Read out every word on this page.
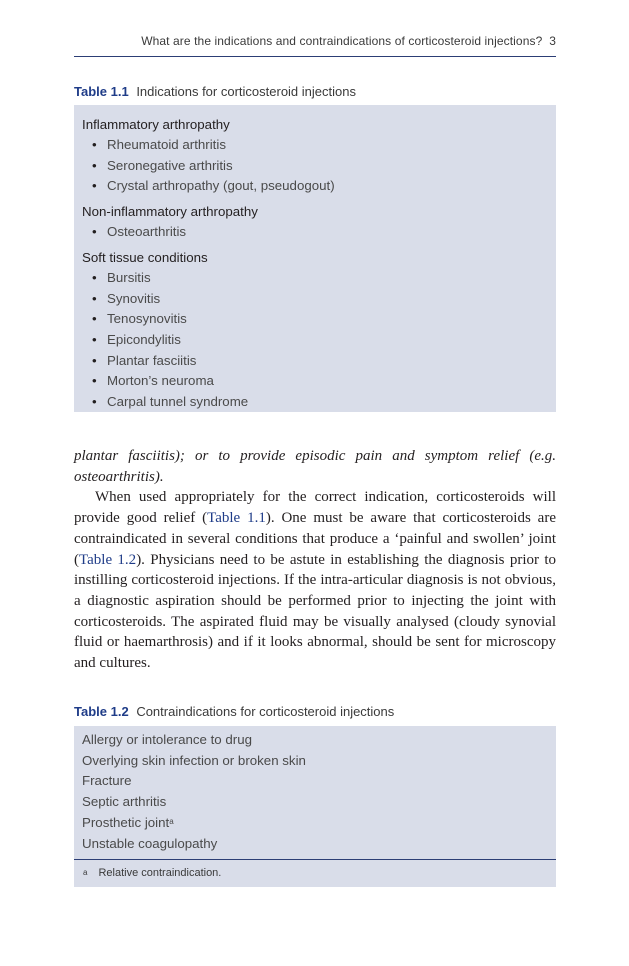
What are the indications and contraindications of corticosteroid injections? 3
Table 1.1 Indications for corticosteroid injections
Inflammatory arthropathy
• Rheumatoid arthritis
• Seronegative arthritis
• Crystal arthropathy (gout, pseudogout)
Non-inflammatory arthropathy
• Osteoarthritis
Soft tissue conditions
• Bursitis
• Synovitis
• Tenosynovitis
• Epicondylitis
• Plantar fasciitis
• Morton’s neuroma
• Carpal tunnel syndrome

plantar fasciitis); or to provide episodic pain and symptom relief (e.g. osteoarthritis).

When used appropriately for the correct indication, corticosteroids will provide good relief (Table 1.1). One must be aware that corticosteroids are contraindicated in several conditions that produce a ‘painful and swollen’ joint (Table 1.2). Physicians need to be astute in establishing the diagnosis prior to instilling corticosteroid injections. If the intra-articular diagnosis is not obvious, a diagnostic aspiration should be performed prior to injecting the joint with corticosteroids. The aspirated fluid may be visually analysed (cloudy synovial fluid or haemarthrosis) and if it looks abnormal, should be sent for microscopy and cultures.

Table 1.2 Contraindications for corticosteroid injections
Allergy or intolerance to drug
Overlying skin infection or broken skin
Fracture
Septic arthritis
Prosthetic joint$^a$
Unstable coagulopathy
$^a$ Relative contraindication.
